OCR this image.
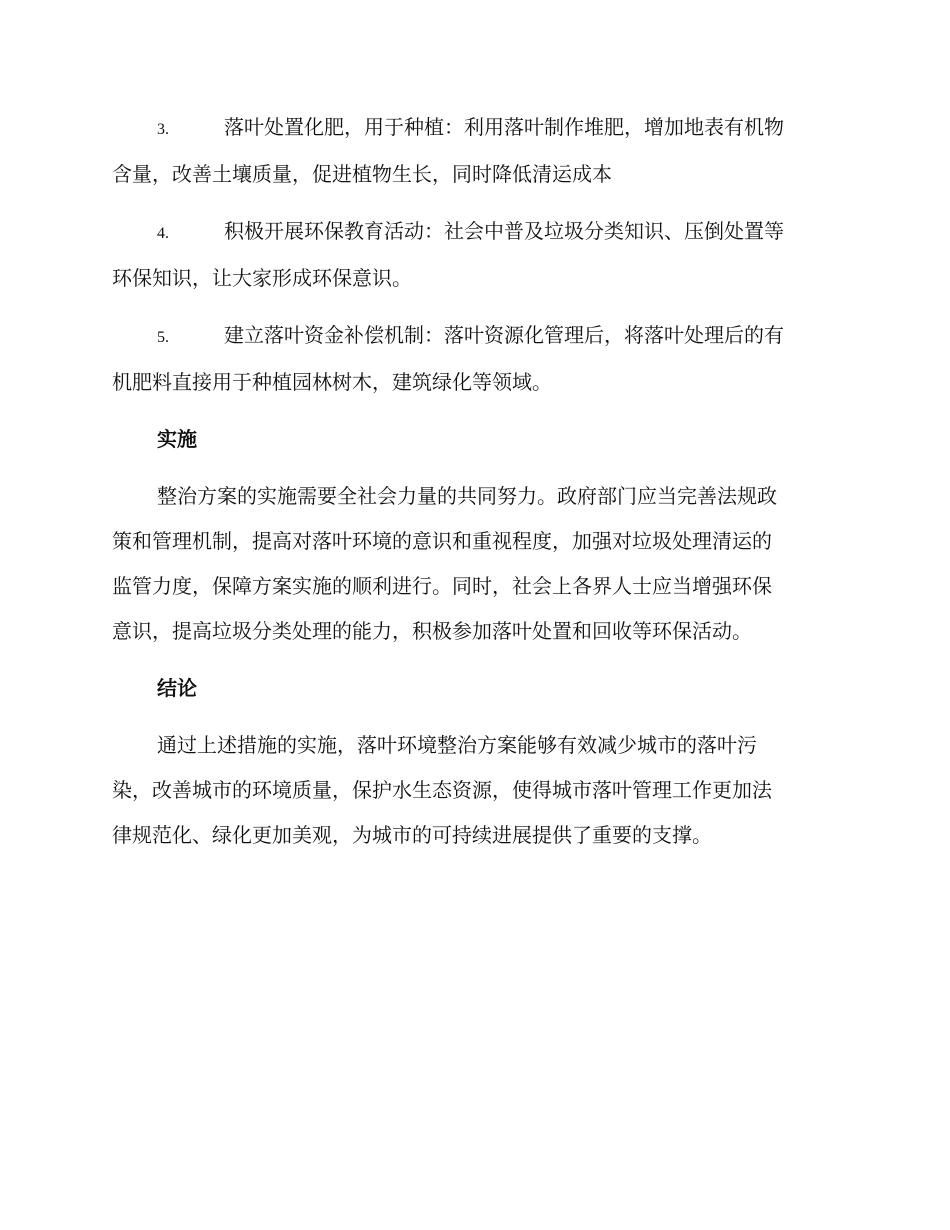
3.	落叶处置化肥，用于种植：利用落叶制作堆肥，增加地表有机物
含量，改善土壤质量，促进植物生长，同时降低清运成本
4.	积极开展环保教育活动：社会中普及垃圾分类知识、压倒处置等
环保知识，让大家形成环保意识。
5.	建立落叶资金补偿机制：落叶资源化管理后，将落叶处理后的有
机肥料直接用于种植园林树木，建筑绿化等领域。
实施
整治方案的实施需要全社会力量的共同努力。政府部门应当完善法规政
策和管理机制，提高对落叶环境的意识和重视程度，加强对垃圾处理清运的
监管力度，保障方案实施的顺利进行。同时，社会上各界人士应当增强环保
意识，提高垃圾分类处理的能力，积极参加落叶处置和回收等环保活动。
结论
通过上述措施的实施，落叶环境整治方案能够有效减少城市的落叶污
染，改善城市的环境质量，保护水生态资源，使得城市落叶管理工作更加法
律规范化、绿化更加美观，为城市的可持续进展提供了重要的支撑。
